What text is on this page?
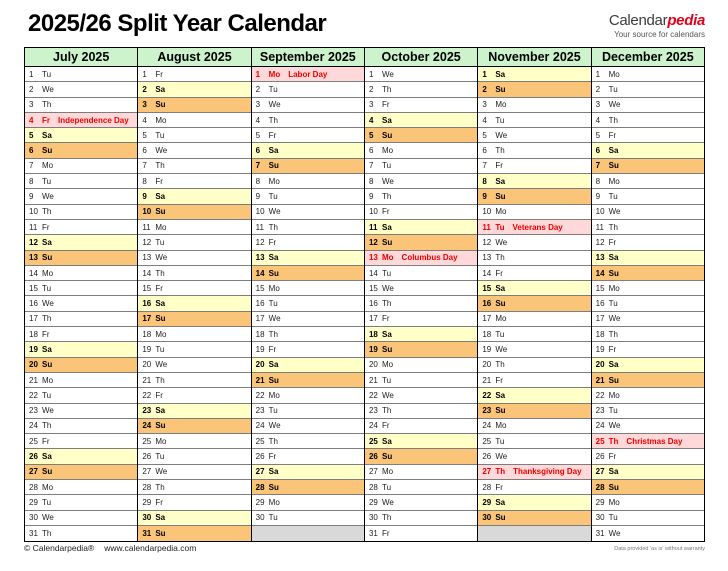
2025/26 Split Year Calendar	Calendarpedia
Your source for calendars
July 2025
1	Tu
2	We
3	Th
4	Fr Independence Day
5	Sa
6	Su
7	Mo
8	Tu
9	We
10 Th
11 Fr
12 Sa
13 Su
14 Mo
15 Tu
16 We
17 Th
18 Fr
19 Sa
20 Su
21 Mo
22 Tu
23 We
24 Th
25 Fr
26 Sa
27 Su
28 Mo
29 Tu
30 We
31 Th
August 2025
1	Fr
2	Sa
3	Su
4	Mo
5	Tu
6	We
7	Th
8	Fr
9	Sa
10 Su
11 Mo
12 Tu
13 We
14 Th
15 Fr
16 Sa
17 Su
18 Mo
19 Tu
20 We
21 Th
22 Fr
23 Sa
24 Su
25 Mo
26 Tu
27 We
28 Th
29 Fr
30 Sa
31 Su
September 2025
1	Mo Labor Day
2	Tu
3	We
4	Th
5	Fr
6	Sa
7	Su
8	Mo
9	Tu
10 We
11 Th
12 Fr
13 Sa
14 Su
15 Mo
16 Tu
17 We
18 Th
19 Fr
20 Sa
21 Su
22 Mo
23 Tu
24 We
25 Th
26 Fr
27 Sa
28 Su
29 Mo
30 Tu
October 2025
1	We
2	Th
3	Fr
4	Sa
5	Su
6	Mo
7	Tu
8	We
9	Th
10 Fr
11 Sa
12 Su
13 Mo Columbus Day
14 Tu
15 We
16 Th
17 Fr
18 Sa
19 Su
20 Mo
21 Tu
22 We
23 Th
24 Fr
25 Sa
26 Su
27 Mo
28 Tu
29 We
30 Th
31 Fr
November 2025
1	Sa
2	Su
3	Mo
4	Tu
5	We
6	Th
7	Fr
8	Sa
9	Su
10 Mo
11 Tu Veterans Day
12 We
13 Th
14 Fr
15 Sa
16 Su
17 Mo
18 Tu
19 We
20 Th
21 Fr
22 Sa
23 Su
24 Mo
25 Tu
26 We
27 Th Thanksgiving Day
28 Fr
29 Sa
30 Su
December 2025
1	Mo
2	Tu
3	We
4	Th
5	Fr
6	Sa
7	Su
8	Mo
9	Tu
10 We
11 Th
12 Fr
13 Sa
14 Su
15 Mo
16 Tu
17 We
18 Th
19 Fr
20 Sa
21 Su
22 Mo
23 Tu
24 We
25 Th Christmas Day
26 Fr
27 Sa
28 Su
29 Mo
30 Tu
31 We
© Calendarpedia® www.calendarpedia.com	Data provided 'as is' without warranty
